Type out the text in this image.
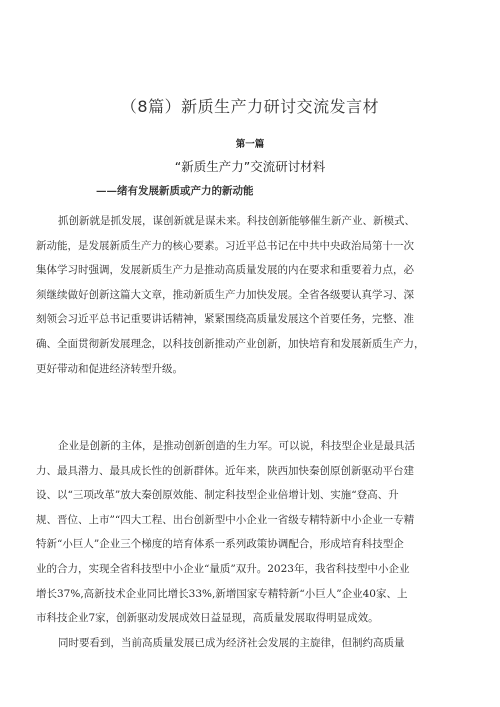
（8篇）新质生产力研讨交流发言材
第一篇
“新质生产力”交流研讨材料
——绪有发展新质或产力的新动能
抓创新就是抓发展，谋创新就是谋未来。科技创新能够催生新产业、新模式、
新动能，是发展新质生产力的核心要素。习近平总书记在中共中央政治局第十一次
集体学习时强调，发展新质生产力是推动高质量发展的内在要求和重要着力点，必
须继续做好创新这篇大文章，推动新质生产力加快发展。全省各级要认真学习、深
刻领会习近平总书记重要讲话精神，紧紧围绕高质量发展这个首要任务，完整、准
确、全面贯彻新发展理念，以科技创新推动产业创新，加快培育和发展新质生产力，
更好带动和促进经济转型升级。
企业是创新的主体，是推动创新创造的生力军。可以说，科技型企业是最具活
力、最具潜力、最具成长性的创新群体。近年来，陕西加快秦创原创新驱动平台建
设、以“三项改革”放大秦创原效能、制定科技型企业倍增计划、实施“登高、升
规、晋位、上市”“四大工程、出台创新型中小企业一省级专精特新中小企业一专精
特新“小巨人”企业三个梯度的培育体系一系列政策协调配合，形成培育科技型企
业的合力，实现全省科技型中小企业“量质”双升。2023年，我省科技型中小企业
增长37%,高新技术企业同比增长33%,新增国家专精特新“小巨人”企业40家、上
市科技企业7家，创新驱动发展成效日益显现，高质量发展取得明显成效。
同时要看到，当前高质量发展已成为经济社会发展的主旋律，但制约高质量
